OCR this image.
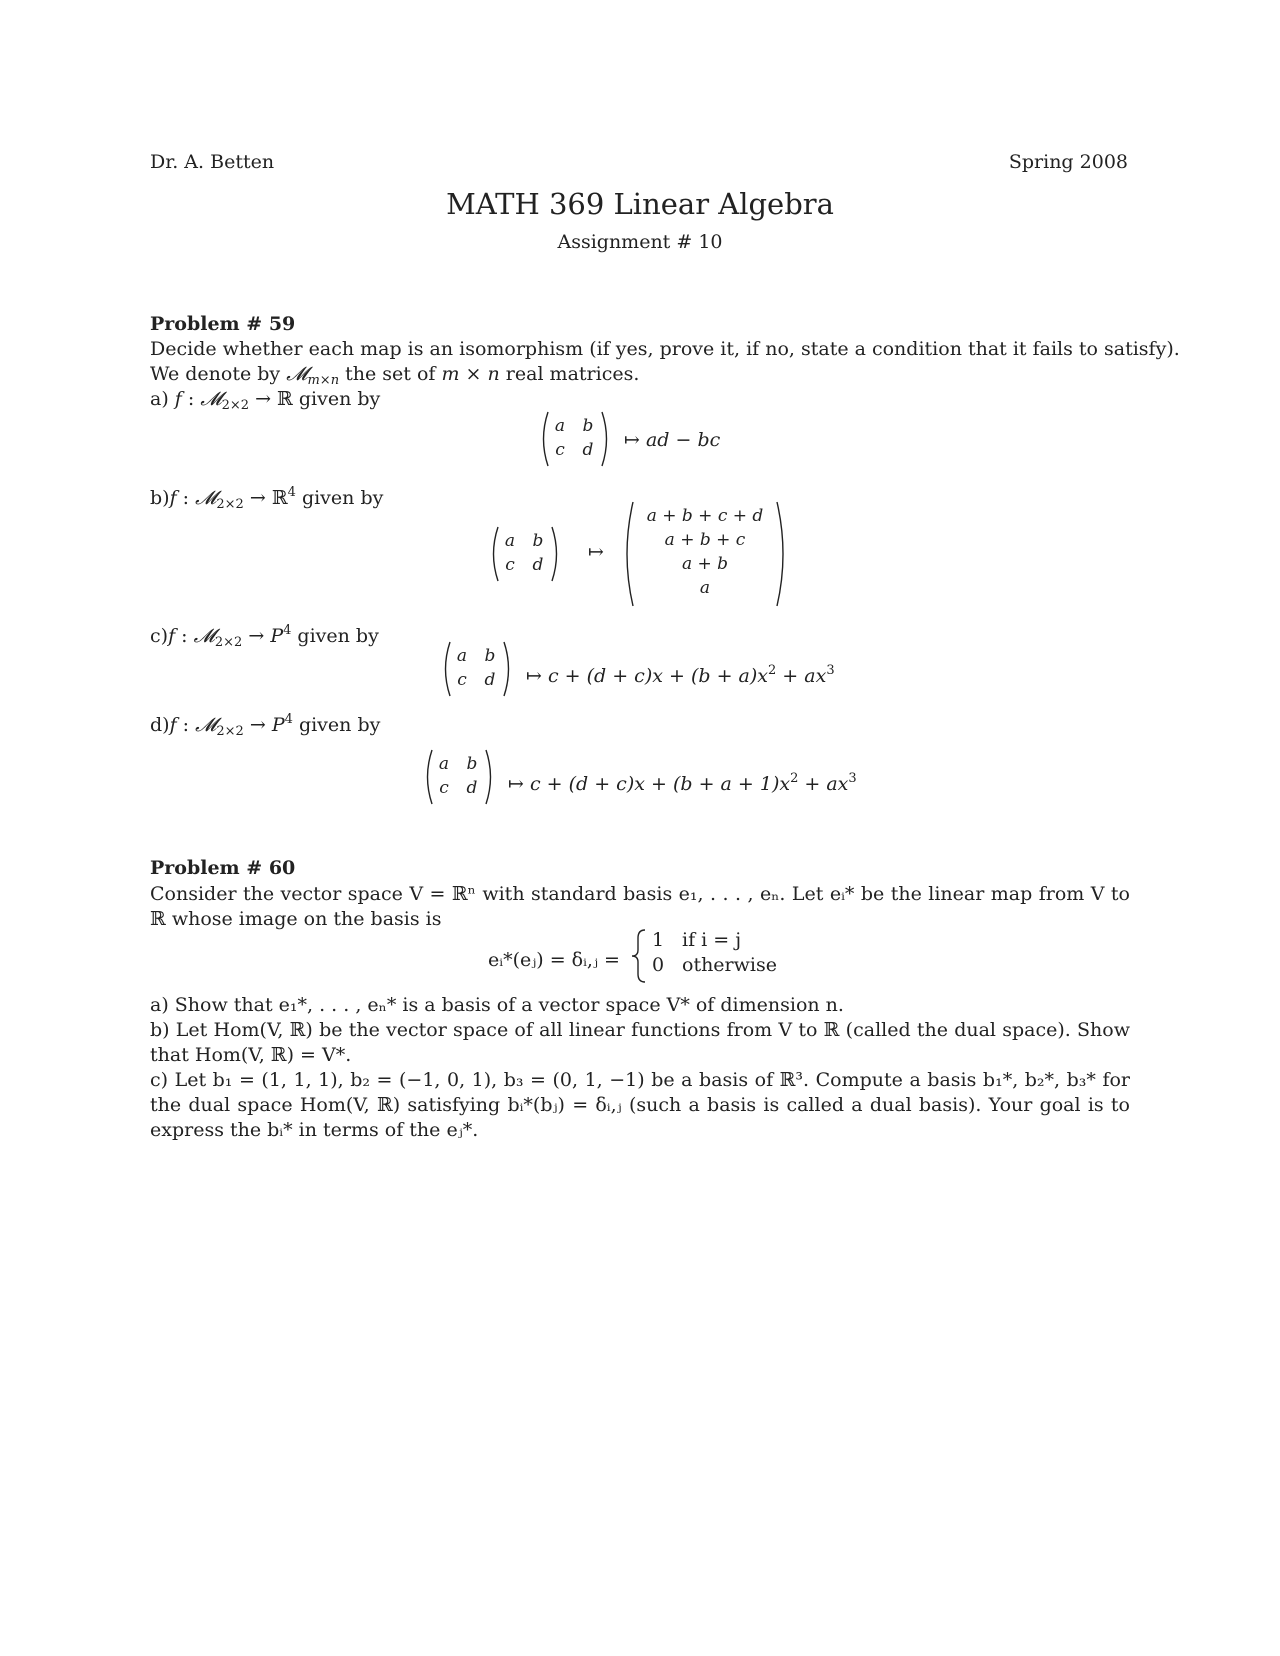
Dr. A. Betten	Spring 2008
MATH 369 Linear Algebra
Assignment # 10
Problem # 59
Decide whether each map is an isomorphism (if yes, prove it, if no, state a condition that it fails to satisfy).
We denote by 𝓜$_{m\times n}$ the set of m × n real matrices.
a) f : 𝓜$_{2\times 2}$ → ℝ given by
a b
c	d ↦ ad − bc
b)f : 𝓜$_{2\times 2}$ → ℝ$^4$ given by
a b
c	d
↦
a + b + c + d
a + b + c
a + b
a
c)f : 𝓜$_{2\times 2}$ → $P^4$ given by
a b
c	d ↦ $c + (d + c)x + (b + a)x^2 + ax^3$
d)f : 𝓜$_{2\times 2}$ → $P^4$ given by
a b
c	d ↦ $c + (d + c)x + (b + a + 1)x^2 + ax^3$
Problem # 60
Consider the vector space V = ℝⁿ with standard basis e₁, . . . , eₙ. Let eᵢ* be the linear map from V to ℝ whose image on the basis is
eᵢ*(eⱼ) = δᵢ,ⱼ =
1 if i = j
0 otherwise
a) Show that e₁*, . . . , eₙ* is a basis of a vector space V* of dimension n.
b) Let Hom(V, ℝ) be the vector space of all linear functions from V to ℝ (called the dual space). Show that Hom(V, ℝ) = V*.
c) Let b₁ = (1, 1, 1), b₂ = (−1, 0, 1), b₃ = (0, 1, −1) be a basis of ℝ³. Compute a basis b₁*, b₂*, b₃* for the dual space Hom(V, ℝ) satisfying bᵢ*(bⱼ) = δᵢ,ⱼ (such a basis is called a dual basis). Your goal is to express the bᵢ* in terms of the eⱼ*.
